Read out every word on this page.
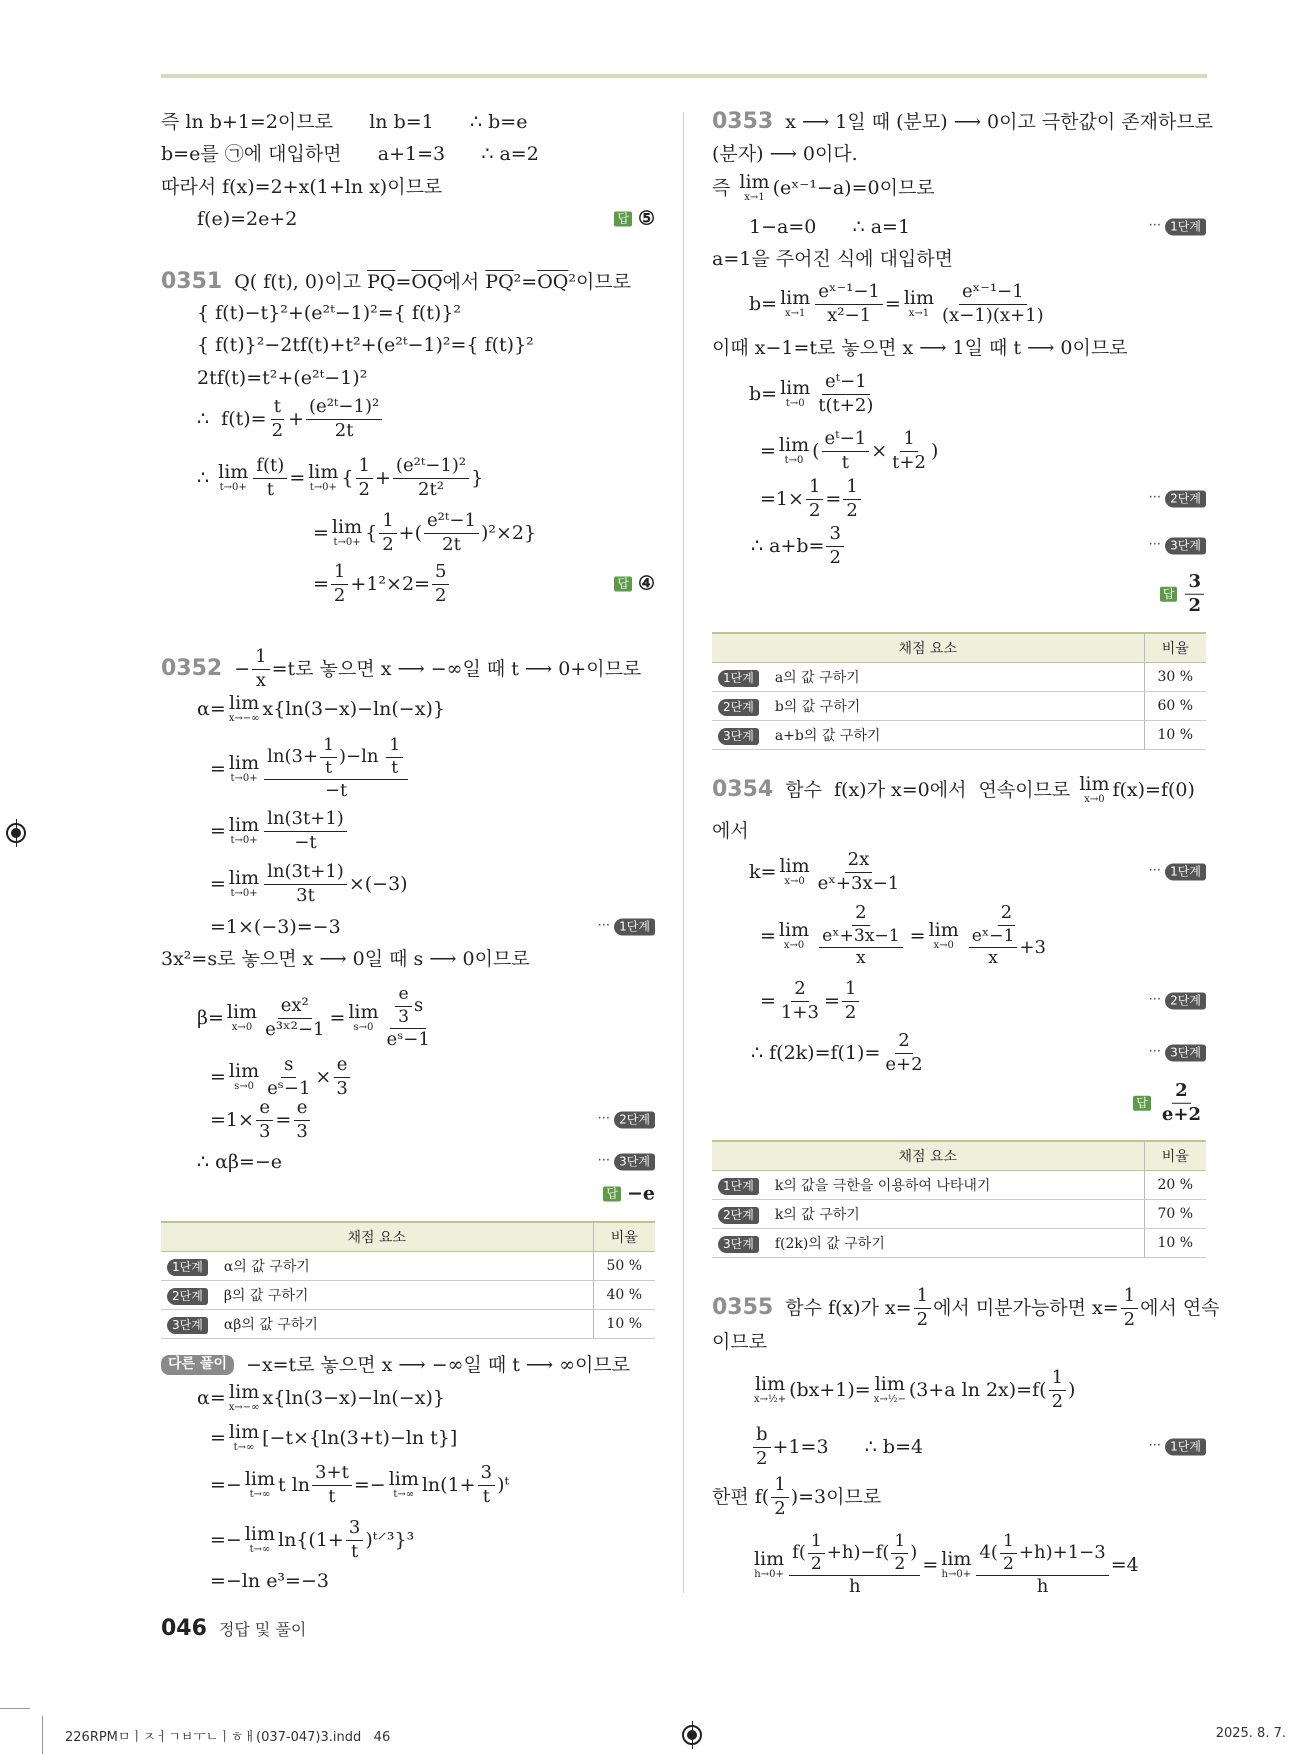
즉 ln b+1=2이므로      ln b=1      ∴ b=e
b=e를 ㉠에 대입하면      a+1=3      ∴ a=2
따라서 f(x)=2+x(1+ln x)이므로
f(e)=2e+2	답 ⑤
0351 Q( f(t), 0)이고 $\overline{PQ} = \overline{OQ}$ 에서 $\overline{PQ}$ $^2= \overline{OQ}$ ²이므로
{ f(t)−t}²+(e²ᵗ−1)²={ f(t)}²
{ f(t)}²−2tf(t)+t²+(e²ᵗ−1)²={ f(t)}²
2tf(t)=t²+(e²ᵗ−1)²
∴  $f(t)= \frac{t}{2} + \frac{\text{(e²ᵗ−1)²}}{2t}$
∴ lim
$t\to 0+ \frac{f(t)}{t} = \lim$
t→0+ { $\frac{1}{2} + \frac{\text{(e²ᵗ−1)²}}{\text{2t²}}$ }
= lim
t→0+ { $\frac{1}{2}$ +( $\frac{\text{e²ᵗ−1}}{2t} )^2\times 2$}
= $\frac{1}{2} +1^2\times 2= \frac{5}{2}$	답 ④
$0352 - \frac{1}{x} =t$로 놓으면 x ⟶ −∞일 때 t ⟶ 0+이므로
α= lim
x→−∞ x{ln(3−x)−ln(−x)}
= lim
$t\to 0+ \frac{\ln(3+ \frac{1}{t} )-\ln \frac{1}{t}}{-t}$
= lim
$t\to 0+ \frac{\ln(3t+1)}{-t}$
= lim
$t\to 0+ \frac{\ln(3t+1)}{3t} \times(-3)$
=1×(−3)=−3	··· 1단계
3x²=s로 놓으면 x ⟶ 0일 때 s ⟶ 0이므로
β= lim
$x\to 0 \frac{\text{ex²}}{\text{e³ˣ²−1}} = \lim$
$s\to 0 \frac{\frac{e}{3} s}{\text{eˢ−1}}$
= lim
$s\to 0 \frac{s}{\text{eˢ−1}} \times \frac{e}{3}$
$=1\times \frac{e}{3} = \frac{e}{3}$	··· 2단계
∴ αβ=−e	··· 3단계
답 −e
채점 요소	비율
1단계 α의 값 구하기	50 %
2단계 β의 값 구하기	40 %
3단계 αβ의 값 구하기	10 %
다른 풀이	−x=t로 놓으면 x ⟶ −∞일 때 t ⟶ ∞이므로
α= lim
x→−∞ x{ln(3−x)−ln(−x)}
= lim
t→∞ [−t×{ln(3+t)−ln t}]
=− lim
t→∞ t $\ln \frac{3+t}{t} =- \lim$
t→∞ $\ln(1+ \frac{3}{t}$ )ᵗ
=− lim
t→∞ $\ln\{(1+ \frac{3}{t}$ )ᵗ⸍³}³
=−ln e³=−3
0353 x ⟶ 1일 때 (분모) ⟶ 0이고 극한값이 존재하므로
(분자) ⟶ 0이다.
즉 lim
x→1 (eˣ⁻¹−a)=0이므로
1−a=0      ∴ a=1	··· 1단계
a=1을 주어진 식에 대입하면
b= lim
$x\to 1 \frac{\text{eˣ⁻¹−1}}{\text{x²−1}} = \lim$
$x\to 1 \frac{\text{eˣ⁻¹−1}}{(x-1)(x+1)}$
이때 x−1=t로 놓으면 x ⟶ 1일 때 t ⟶ 0이므로
b= lim
$t\to 0 \frac{\text{eᵗ−1}}{t(t+2)}$
= lim
t→0 ( $\frac{\text{eᵗ−1}}{t} \times \frac{1}{t+2}$ )
$=1\times \frac{1}{2} = \frac{1}{2}$	··· 2단계
∴ $a+b= \frac{3}{2}$	··· 3단계
답 $\frac{3}{2}$
채점 요소	비율
1단계 a의 값 구하기	30 %
2단계 b의 값 구하기	60 %
3단계 a+b의 값 구하기	10 %
0354 함수  f(x)가 x=0에서  연속이므로 lim
x→0 f(x)=f(0)
에서
k= lim
$x\to 0 \frac{2x}{\text{eˣ+3x−1}}$	··· 1단계
= lim
$x\to 0 \frac{2}{\frac{\text{eˣ+3x−1}}{x}} = \lim$
$x\to 0 \frac{2}{\frac{\text{eˣ−1}}{x} +3}$
= $\frac{2}{1+3} = \frac{1}{2}$	··· 2단계
∴ $f(2k)=f(1)= \frac{2}{e+2}$	··· 3단계
답 $\frac{2}{e+2}$
채점 요소	비율
1단계 k의 값을 극한을 이용하여 나타내기	20 %
2단계 k의 값 구하기	70 %
3단계 f(2k)의 값 구하기	10 %
0355 함수 f(x)가 $x= \frac{1}{2}$ 에서 미분가능하면 $x= \frac{1}{2}$ 에서 연속
이므로
lim
x→½+ (bx+1)= lim
x→½− (3+a $\ln 2x)=f( \frac{1}{2}$ )
$\frac{b}{2} +1=3$      ∴ b=4	··· 1단계
한편 $f( \frac{1}{2} )=3$이므로
lim
$h\to 0+ \frac{f( \frac{1}{2} +h)-f( \frac{1}{2} )}{h} = \lim$
$h\to 0+ \frac{4( \frac{1}{2} +h)+1-3}{h} =4$
046 정답 및 풀이
226RPMㅁㅣㅈㅓㄱㅂㅜㄴㅣㅎㅐ(037-047)3.indd 46	2025. 8. 7.
